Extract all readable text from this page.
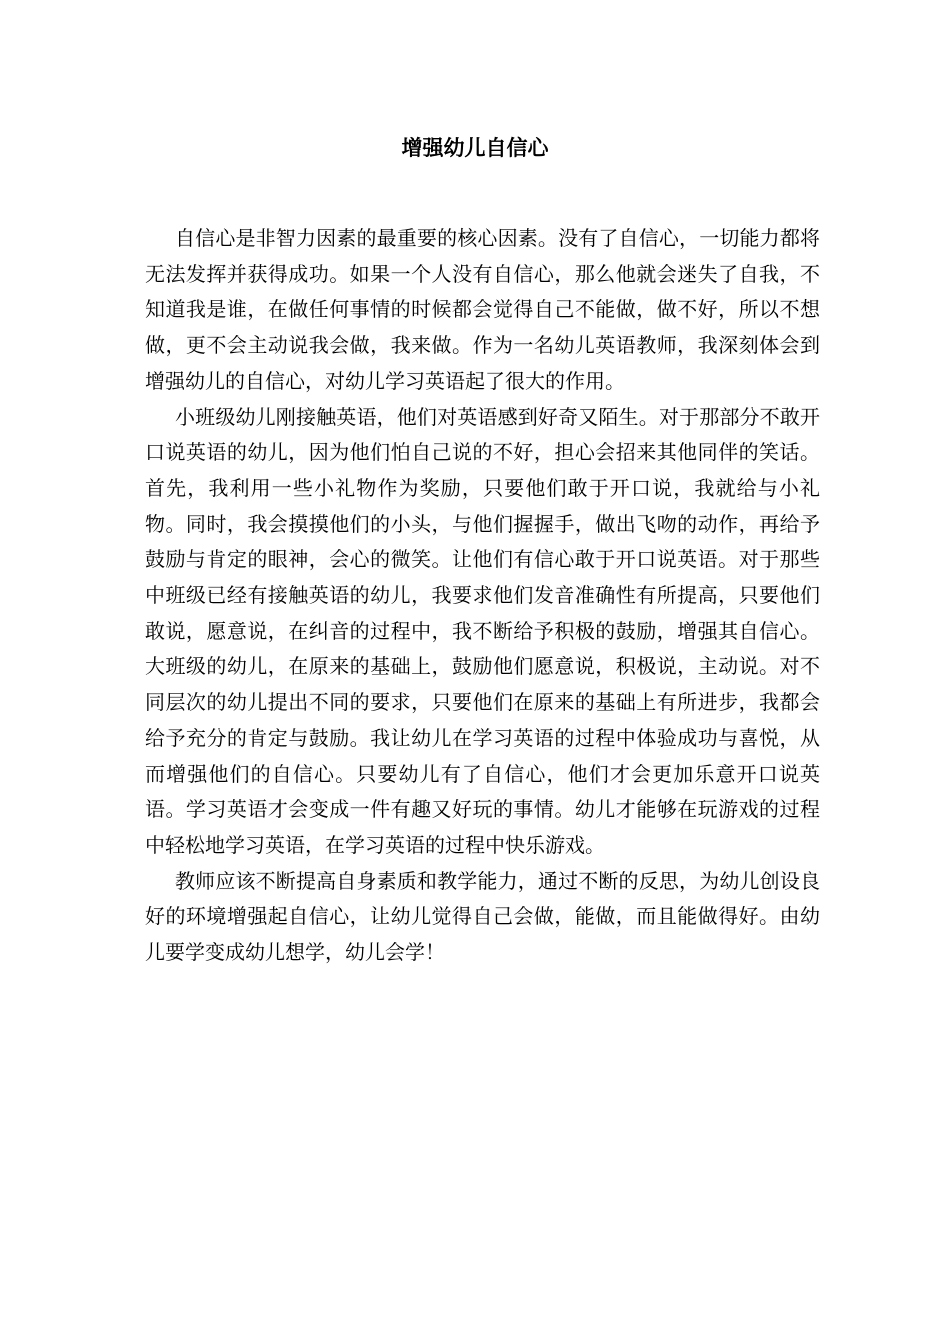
增强幼儿自信心

自信心是非智力因素的最重要的核心因素。没有了自信心，一切能力都将无法发挥并获得成功。如果一个人没有自信心，那么他就会迷失了自我，不知道我是谁，在做任何事情的时候都会觉得自己不能做，做不好，所以不想做，更不会主动说我会做，我来做。作为一名幼儿英语教师，我深刻体会到增强幼儿的自信心，对幼儿学习英语起了很大的作用。

小班级幼儿刚接触英语，他们对英语感到好奇又陌生。对于那部分不敢开口说英语的幼儿，因为他们怕自己说的不好，担心会招来其他同伴的笑话。首先，我利用一些小礼物作为奖励，只要他们敢于开口说，我就给与小礼物。同时，我会摸摸他们的小头，与他们握握手，做出飞吻的动作，再给予鼓励与肯定的眼神，会心的微笑。让他们有信心敢于开口说英语。对于那些中班级已经有接触英语的幼儿，我要求他们发音准确性有所提高，只要他们敢说，愿意说，在纠音的过程中，我不断给予积极的鼓励，增强其自信心。大班级的幼儿，在原来的基础上，鼓励他们愿意说，积极说，主动说。对不同层次的幼儿提出不同的要求，只要他们在原来的基础上有所进步，我都会给予充分的肯定与鼓励。我让幼儿在学习英语的过程中体验成功与喜悦，从而增强他们的自信心。只要幼儿有了自信心，他们才会更加乐意开口说英语。学习英语才会变成一件有趣又好玩的事情。幼儿才能够在玩游戏的过程中轻松地学习英语，在学习英语的过程中快乐游戏。

教师应该不断提高自身素质和教学能力，通过不断的反思，为幼儿创设良好的环境增强起自信心，让幼儿觉得自己会做，能做，而且能做得好。由幼儿要学变成幼儿想学，幼儿会学！
